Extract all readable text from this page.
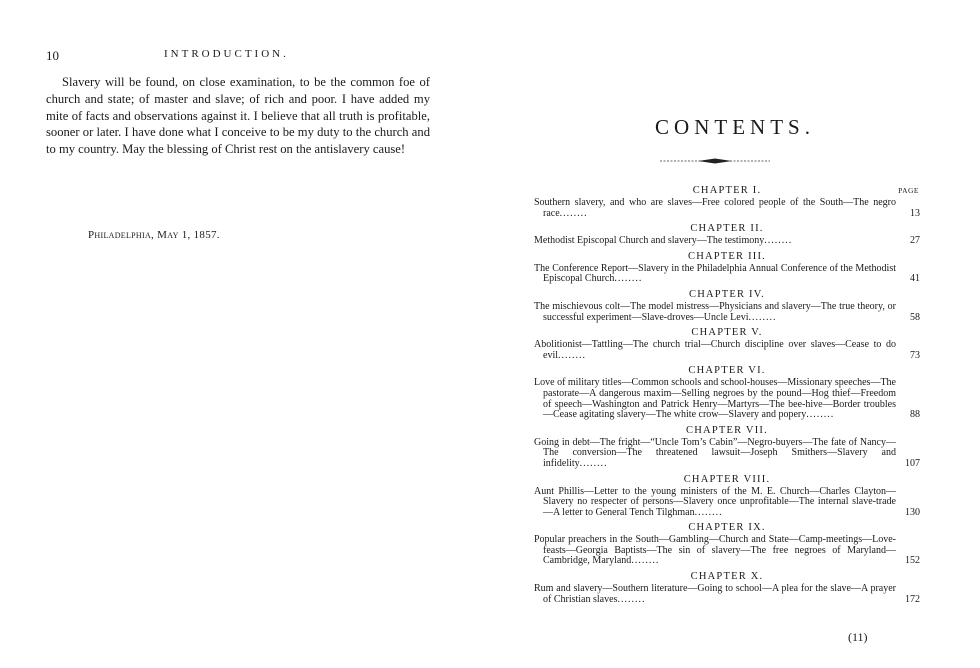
10	INTRODUCTION.

Slavery will be found, on close examination, to be the common foe of church and state; of master and slave; of rich and poor. I have added my mite of facts and observations against it. I believe that all truth is profitable, sooner or later. I have done what I conceive to be my duty to the church and to my country. May the blessing of Christ rest on the antislavery cause!

Philadelphia, May 1, 1857.
CONTENTS.
PAGE
CHAPTER I.
Southern slavery, and who are slaves—Free colored people of the South—The negro race........	13
CHAPTER II.
Methodist Episcopal Church and slavery—The testimony........	27
CHAPTER III.
The Conference Report—Slavery in the Philadelphia Annual Conference of the Methodist Episcopal Church........	41
CHAPTER IV.
The mischievous colt—The model mistress—Physicians and slavery—The true theory, or successful experiment—Slave-droves—Uncle Levi........	58
CHAPTER V.
Abolitionist—Tattling—The church trial—Church discipline over slaves—Cease to do evil........	73
CHAPTER VI.
Love of military titles—Common schools and school-houses—Missionary speeches—The pastorate—A dangerous maxim—Selling negroes by the pound—Hog thief—Freedom of speech—Washington and Patrick Henry—Martyrs—The bee-hive—Border troubles—Cease agitating slavery—The white crow—Slavery and popery........	88
CHAPTER VII.
Going in debt—The fright—“Uncle Tom’s Cabin”—Negro-buyers—The fate of Nancy—The conversion—The threatened lawsuit—Joseph Smithers—Slavery and infidelity........	107
CHAPTER VIII.
Aunt Phillis—Letter to the young ministers of the M. E. Church—Charles Clayton—Slavery no respecter of persons—Slavery once unprofitable—The internal slave-trade—A letter to General Tench Tilghman........	130
CHAPTER IX.
Popular preachers in the South—Gambling—Church and State—Camp-meetings—Love-feasts—Georgia Baptists—The sin of slavery—The free negroes of Maryland—Cambridge, Maryland........	152
CHAPTER X.
Rum and slavery—Southern literature—Going to school—A plea for the slave—A prayer of Christian slaves........	172
(11)
